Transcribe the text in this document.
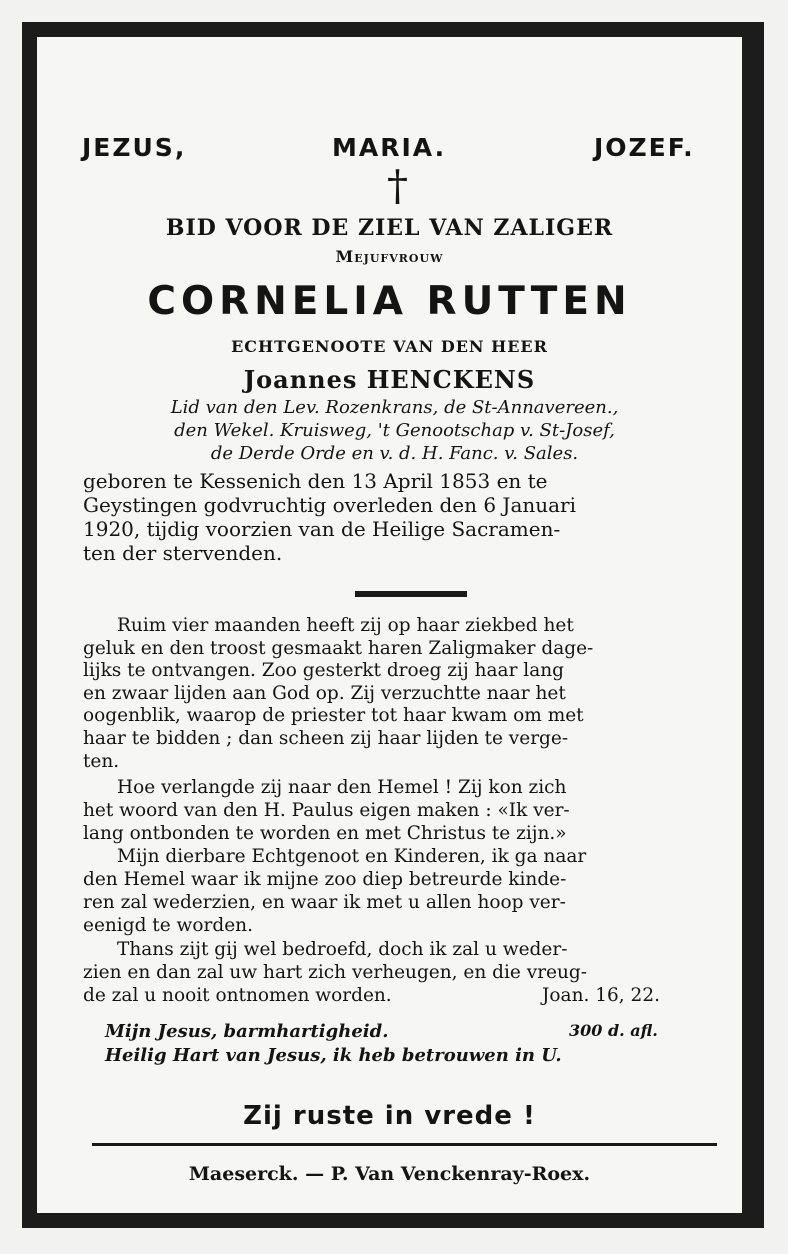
JEZUS,	MARIA.	JOZEF.
†
BID VOOR DE ZIEL VAN ZALIGER
Mejufvrouw
CORNELIA RUTTEN
ECHTGENOOTE VAN DEN HEER
Joannes HENCKENS
Lid van den Lev. Rozenkrans, de St-Annavereen.,
den Wekel. Kruisweg, 't Genootschap v. St-Josef,
de Derde Orde en v. d. H. Fanc. v. Sales.
geboren te Kessenich den 13 April 1853 en te
Geystingen godvruchtig overleden den 6 Januari
1920, tijdig voorzien van de Heilige Sacramen-
ten der stervenden.
Ruim vier maanden heeft zij op haar ziekbed het
geluk en den troost gesmaakt haren Zaligmaker dage-
lijks te ontvangen. Zoo gesterkt droeg zij haar lang
en zwaar lijden aan God op. Zij verzuchtte naar het
oogenblik, waarop de priester tot haar kwam om met
haar te bidden ; dan scheen zij haar lijden te verge-
ten.
Hoe verlangde zij naar den Hemel ! Zij kon zich
het woord van den H. Paulus eigen maken : «Ik ver-
lang ontbonden te worden en met Christus te zijn.»
Mijn dierbare Echtgenoot en Kinderen, ik ga naar
den Hemel waar ik mijne zoo diep betreurde kinde-
ren zal wederzien, en waar ik met u allen hoop ver-
eenigd te worden.
Thans zijt gij wel bedroefd, doch ik zal u weder-
zien en dan zal uw hart zich verheugen, en die vreug-
de zal u nooit ontnomen worden.	Joan. 16, 22.
Mijn Jesus, barmhartigheid.	300 d. afl.
Heilig Hart van Jesus, ik heb betrouwen in U.
Zij ruste in vrede !
Maeserck. — P. Van Venckenray-Roex.
